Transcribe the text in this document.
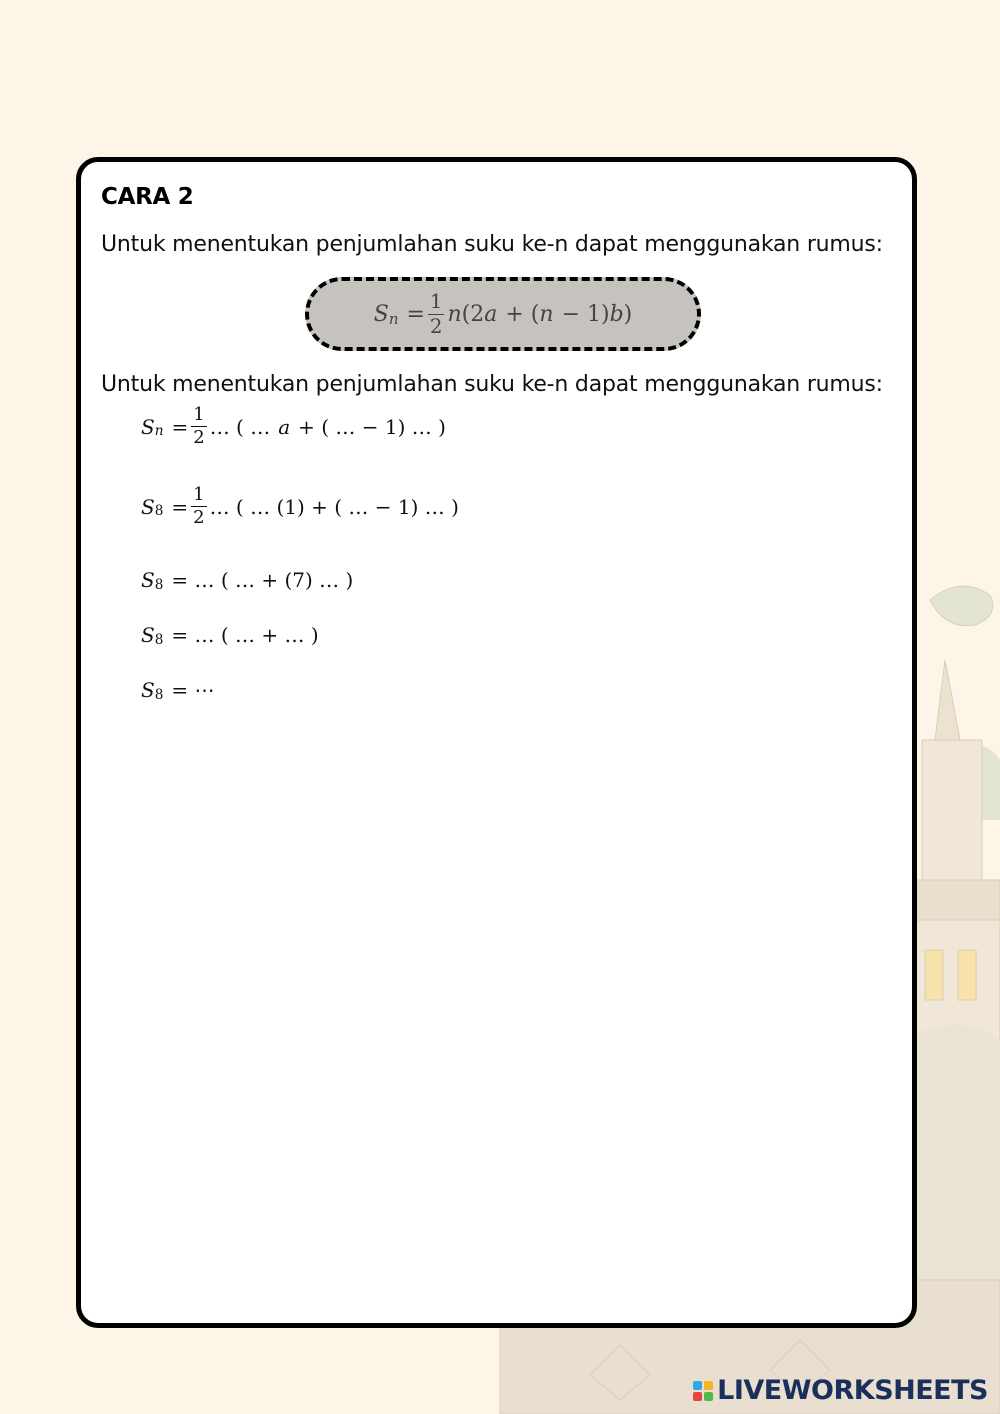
CARA 2

Untuk menentukan penjumlahan suku ke-n dapat menggunakan rumus:

S $n = \frac{1}{2}$ n (2 a + ( n − 1) b )

Untuk menentukan penjumlahan suku ke-n dapat menggunakan rumus:

S $n = \frac{1}{2}$ … ( … a + ( … − 1) … )
S $8 = \frac{1}{2}$ … ( … (1) + ( … − 1) … )
S 8 = … ( … + (7) … )
S 8 = … ( … + … )
S 8 = ⋯
LIVEWORKSHEETS
